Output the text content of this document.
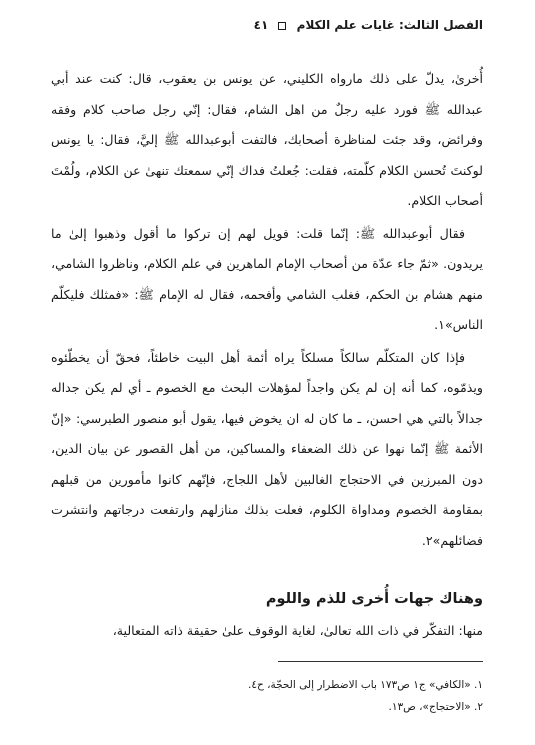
الفصل الثالث: غايات علم الكلام  ٤١

أُخرىٰ، يدلّ على ذلك مارواه الكليني، عن يونس بن يعقوب، قال: كنت عند أبي عبدالله ﷺ فورد عليه رجلٌ من اهل الشام، فقال: إنّي رجل صاحب كلام وفقه وفرائض، وقد جئت لمناظرة أصحابك، فالتفت أبوعبدالله ﷺ إليَّ، فقال: يا يونس لوكنتَ تُحسن الكلام كلّمته، فقلت: جُعلتُ فداك إنّي سمعتك تنهىٰ عن الكلام، ولُمْتَ أصحاب الكلام.

فقال أبوعبدالله ﷺ: إنّما قلت: فويل لهم إن تركوا ما أقول وذهبوا إلىٰ ما يريدون. «ثمّ جاء عدّة من أصحاب الإمام الماهرين في علم الكلام، وناظروا الشامي، منهم هشام بن الحكم، فغلب الشامي وأفحمه، فقال له الإمام ﷺ: «فمثلك فليكلّم الناس»١.

فإذا كان المتكلّم سالكاً مسلكاً يراه أئمة أهل البيت خاطئاً، فحقّ أن يخطّئوه ويذمّوه، كما أنه إن لم يكن واجداً لمؤهلات البحث مع الخصوم ـ أي لم يكن جداله جدالاً بالتي هي احسن، ـ ما كان له ان يخوض فيها، يقول أبو منصور الطبرسي: «إنّ الأئمة ﷺ إنّما نهوا عن ذلك الضعفاء والمساكين، من أهل القصور عن بيان الدين، دون المبرزين في الاحتجاج الغالبين لأهل اللجاج، فإنّهم كانوا مأمورين من قبلهم بمقاومة الخصوم ومداواة الكلوم، فعلت بذلك منازلهم وارتفعت درجاتهم وانتشرت فضائلهم»٢.

وهناك جهات أُخرى للذم واللوم

منها: التفكّر في ذات الله تعالىٰ، لغاية الوقوف علىٰ حقيقة ذاته المتعالية،

١. «الكافي» ج١ ص١٧٣ باب الاضطرار إلى الحجّة، ح٤.
٢. «الاحتجاج»، ص١٣.
